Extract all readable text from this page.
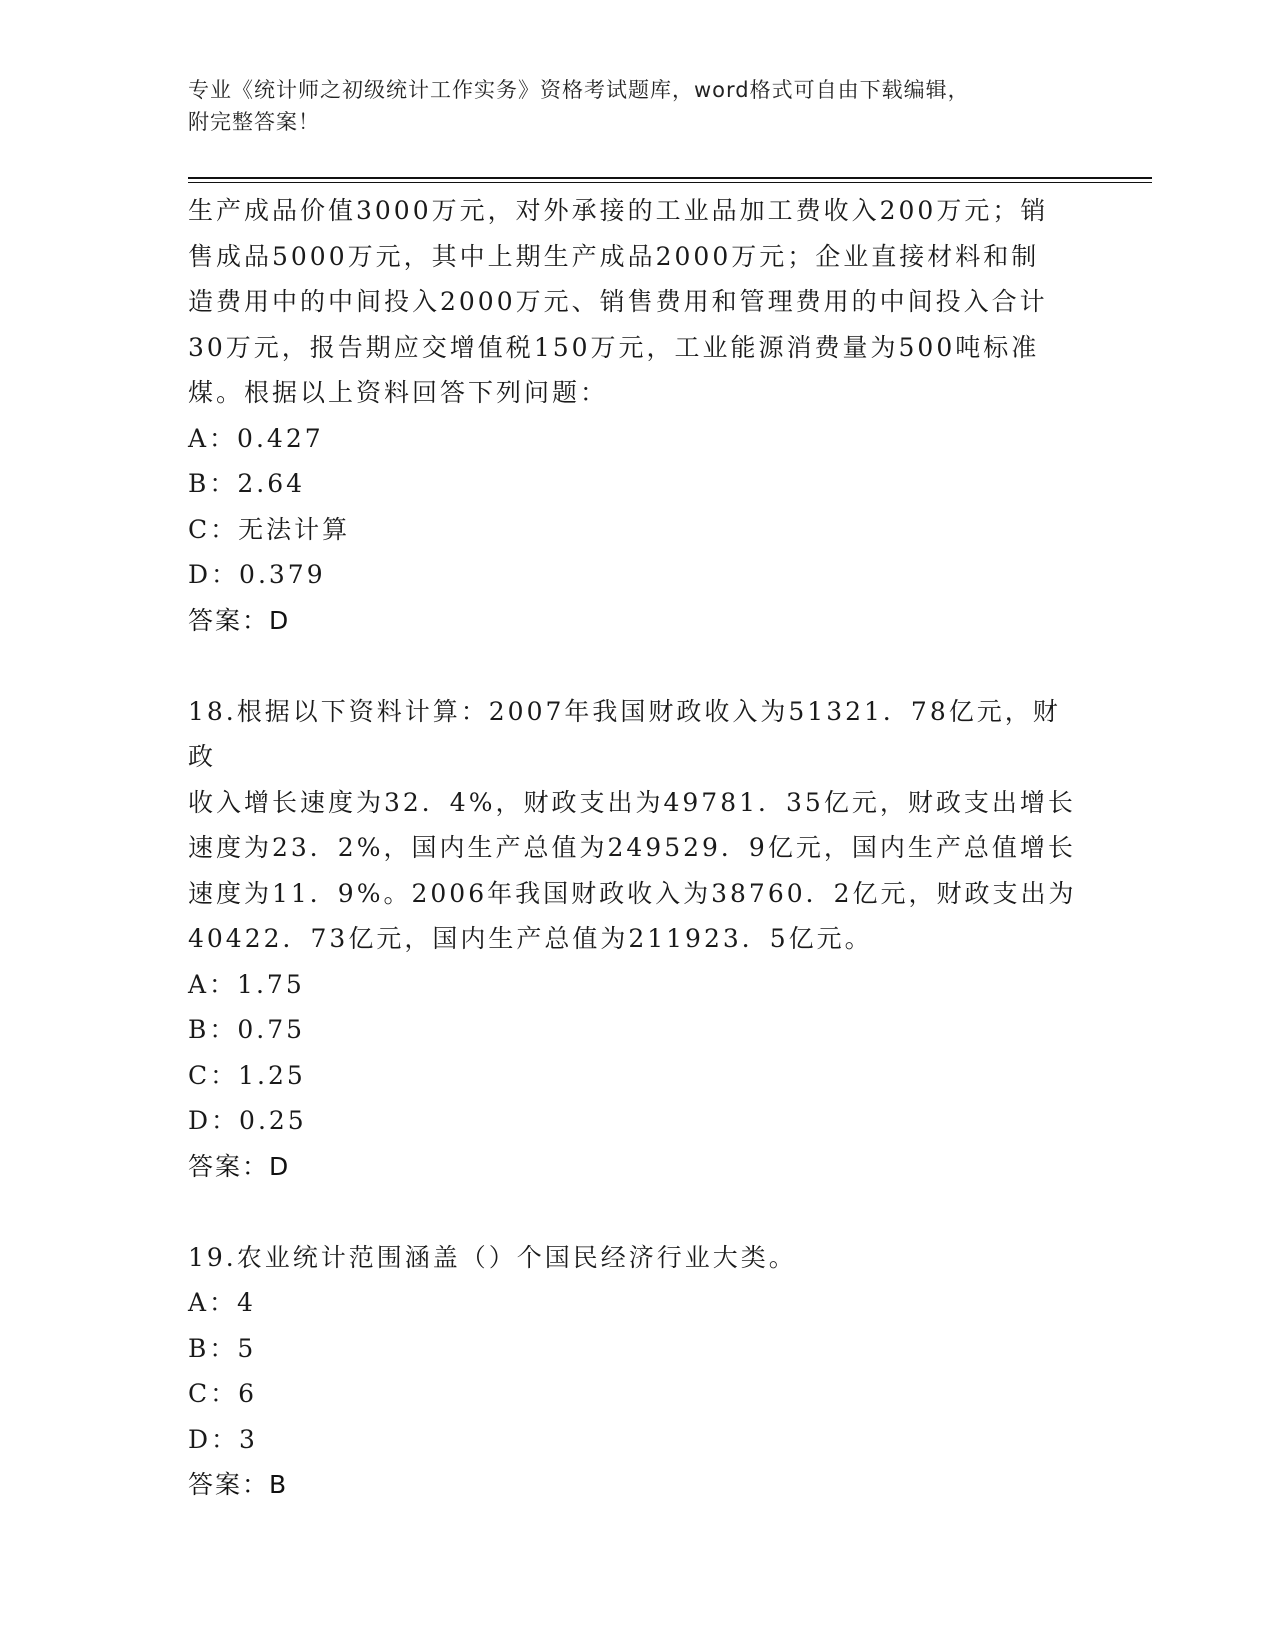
专业《统计师之初级统计工作实务》资格考试题库，word格式可自由下载编辑，
附完整答案！
生产成品价值3000万元，对外承接的工业品加工费收入200万元；销
售成品5000万元，其中上期生产成品2000万元；企业直接材料和制
造费用中的中间投入2000万元、销售费用和管理费用的中间投入合计
30万元，报告期应交增值税150万元，工业能源消费量为500吨标准
煤。根据以上资料回答下列问题：
A：0.427
B：2.64
C：无法计算
D：0.379
答案：D
18.根据以下资料计算：2007年我国财政收入为51321．78亿元，财政
收入增长速度为32．4%，财政支出为49781．35亿元，财政支出增长
速度为23．2%，国内生产总值为249529．9亿元，国内生产总值增长
速度为11．9%。2006年我国财政收入为38760．2亿元，财政支出为
40422．73亿元，国内生产总值为211923．5亿元。
A：1.75
B：0.75
C：1.25
D：0.25
答案：D
19.农业统计范围涵盖（）个国民经济行业大类。
A：4
B：5
C：6
D：3
答案：B
